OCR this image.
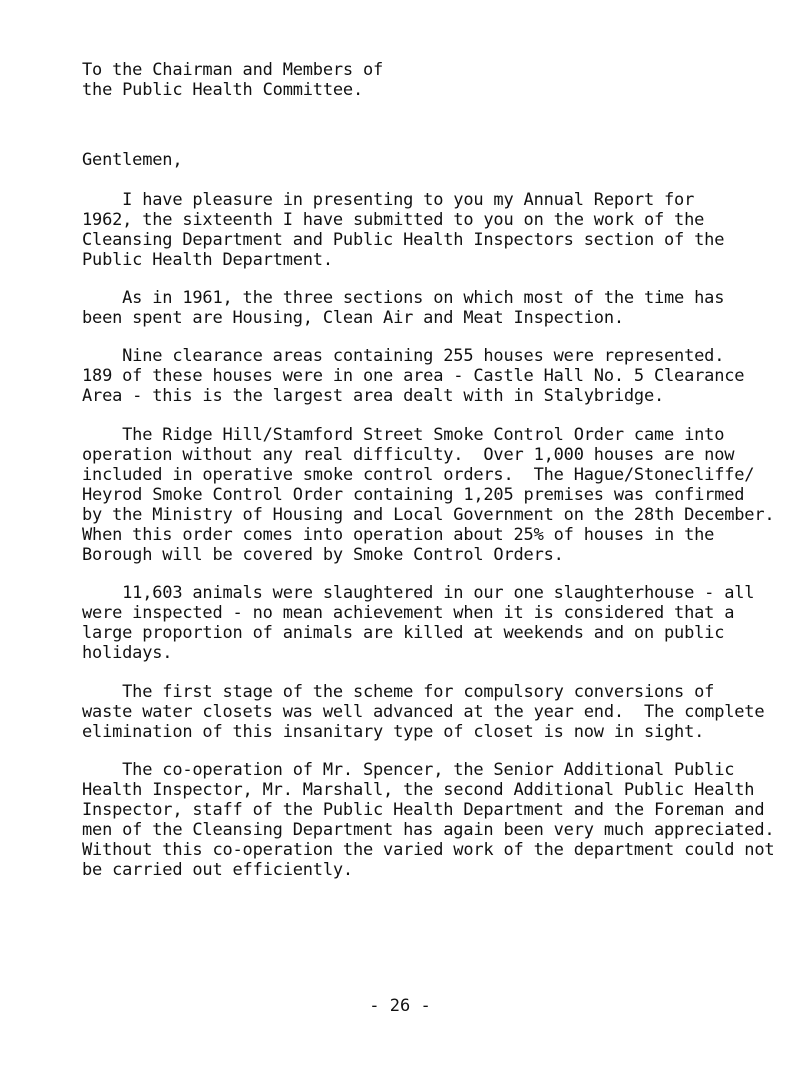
To the Chairman and Members of
the Public Health Committee.
Gentlemen,
I have pleasure in presenting to you my Annual Report for
1962, the sixteenth I have submitted to you on the work of the
Cleansing Department and Public Health Inspectors section of the
Public Health Department.
As in 1961, the three sections on which most of the time has
been spent are Housing, Clean Air and Meat Inspection.
Nine clearance areas containing 255 houses were represented.
189 of these houses were in one area - Castle Hall No. 5 Clearance
Area - this is the largest area dealt with in Stalybridge.
The Ridge Hill/Stamford Street Smoke Control Order came into
operation without any real difficulty.  Over 1,000 houses are now
included in operative smoke control orders.  The Hague/Stonecliffe/
Heyrod Smoke Control Order containing 1,205 premises was confirmed
by the Ministry of Housing and Local Government on the 28th December.
When this order comes into operation about 25% of houses in the
Borough will be covered by Smoke Control Orders.
11,603 animals were slaughtered in our one slaughterhouse - all
were inspected - no mean achievement when it is considered that a
large proportion of animals are killed at weekends and on public
holidays.
The first stage of the scheme for compulsory conversions of
waste water closets was well advanced at the year end.  The complete
elimination of this insanitary type of closet is now in sight.
The co-operation of Mr. Spencer, the Senior Additional Public
Health Inspector, Mr. Marshall, the second Additional Public Health
Inspector, staff of the Public Health Department and the Foreman and
men of the Cleansing Department has again been very much appreciated.
Without this co-operation the varied work of the department could not
be carried out efficiently.
- 26 -
